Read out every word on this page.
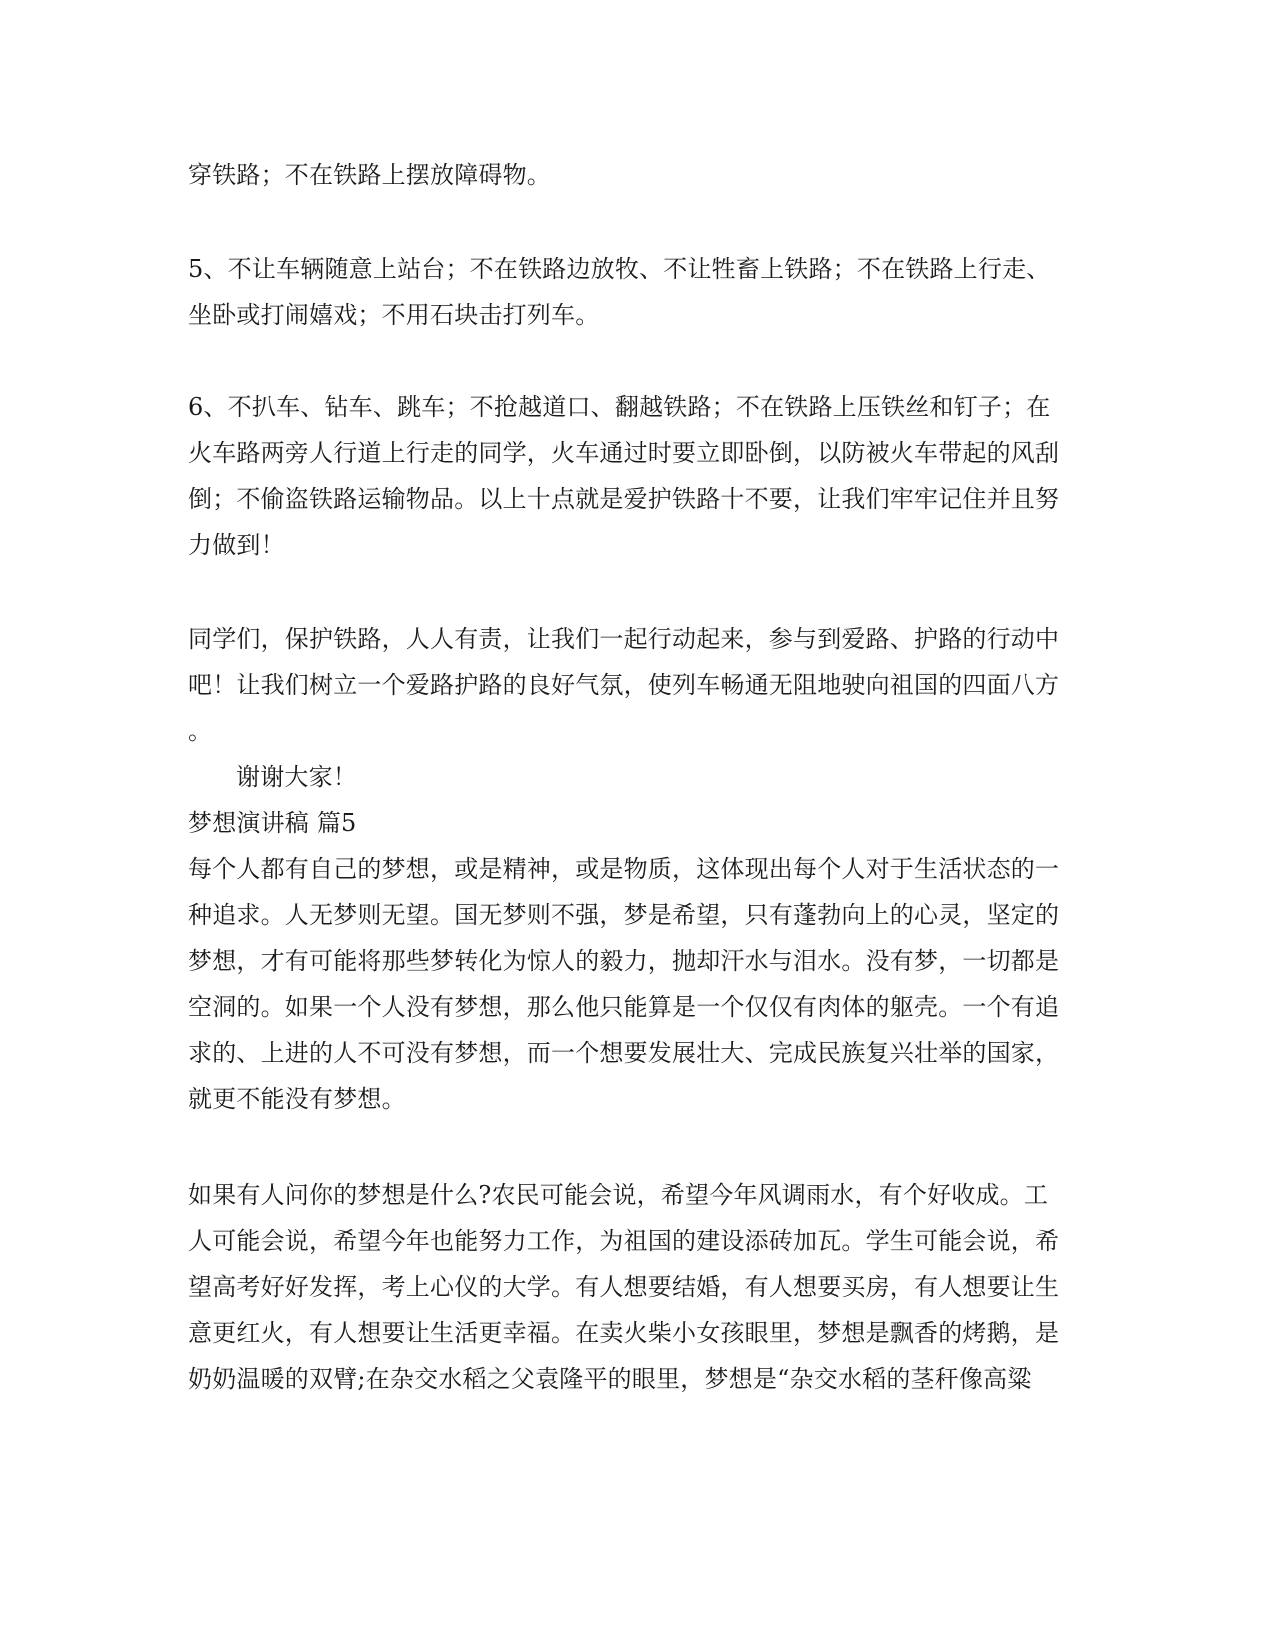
穿铁路；不在铁路上摆放障碍物。
5、不让车辆随意上站台；不在铁路边放牧、不让牲畜上铁路；不在铁路上行走、
坐卧或打闹嬉戏；不用石块击打列车。
6、不扒车、钻车、跳车；不抢越道口、翻越铁路；不在铁路上压铁丝和钉子；在
火车路两旁人行道上行走的同学，火车通过时要立即卧倒，以防被火车带起的风刮
倒；不偷盗铁路运输物品。以上十点就是爱护铁路十不要，让我们牢牢记住并且努
力做到！
同学们，保护铁路，人人有责，让我们一起行动起来，参与到爱路、护路的行动中
吧！让我们树立一个爱路护路的良好气氛，使列车畅通无阻地驶向祖国的四面八方
。
谢谢大家！
梦想演讲稿 篇5
每个人都有自己的梦想，或是精神，或是物质，这体现出每个人对于生活状态的一
种追求。人无梦则无望。国无梦则不强，梦是希望，只有蓬勃向上的心灵，坚定的
梦想，才有可能将那些梦转化为惊人的毅力，抛却汗水与泪水。没有梦，一切都是
空洞的。如果一个人没有梦想，那么他只能算是一个仅仅有肉体的躯壳。一个有追
求的、上进的人不可没有梦想，而一个想要发展壮大、完成民族复兴壮举的国家，
就更不能没有梦想。
如果有人问你的梦想是什么?农民可能会说，希望今年风调雨水，有个好收成。工
人可能会说，希望今年也能努力工作，为祖国的建设添砖加瓦。学生可能会说，希
望高考好好发挥，考上心仪的大学。有人想要结婚，有人想要买房，有人想要让生
意更红火，有人想要让生活更幸福。在卖火柴小女孩眼里，梦想是飘香的烤鹅，是
奶奶温暖的双臂;在杂交水稻之父袁隆平的眼里，梦想是“杂交水稻的茎秆像高粱
